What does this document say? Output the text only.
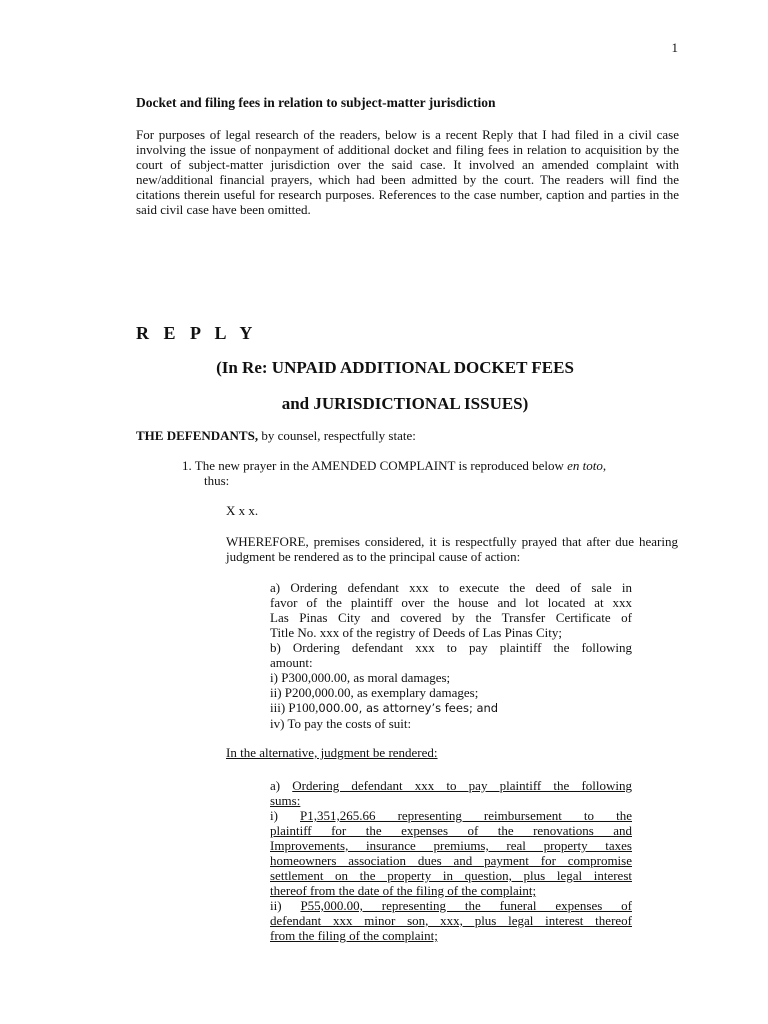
1
Docket and filing fees in relation to subject-matter jurisdiction
For purposes of legal research of the readers, below is a recent Reply that I had filed in a civil case involving the issue of nonpayment of additional docket and filing fees in relation to acquisition by the court of subject-matter jurisdiction over the said case. It involved an amended complaint with new/additional financial prayers, which had been admitted by the court. The readers will find the citations therein useful for research purposes. References to the case number, caption and parties in the said civil case have been omitted.
R E P L Y
(In Re: UNPAID ADDITIONAL DOCKET FEES
and JURISDICTIONAL ISSUES)
THE DEFENDANTS, by counsel, respectfully state:
1. The new prayer in the AMENDED COMPLAINT is reproduced below en toto,
thus:
X x x.
WHEREFORE, premises considered, it is respectfully prayed that after due hearing judgment be rendered as to the principal cause of action:
a) Ordering defendant xxx to execute the deed of sale in
favor of the plaintiff over the house and lot located at xxx
Las Pinas City and covered by the Transfer Certificate of
Title No. xxx of the registry of Deeds of Las Pinas City;
b) Ordering defendant xxx to pay plaintiff the following
amount:
i) P300,000.00, as moral damages;
ii) P200,000.00, as exemplary damages;
iii) P100,000.00, as attorney’s fees; and
iv) To pay the costs of suit:
In the alternative, judgment be rendered:
a) Ordering defendant xxx to pay plaintiff the following
sums:
i) P1,351,265.66 representing reimbursement to the
plaintiff for the expenses of the renovations and
Improvements, insurance premiums, real property taxes
homeowners association dues and payment for compromise
settlement on the property in question, plus legal interest
thereof from the date of the filing of the complaint;
ii) P55,000.00, representing the funeral expenses of
defendant xxx minor son, xxx, plus legal interest thereof
from the filing of the complaint;
